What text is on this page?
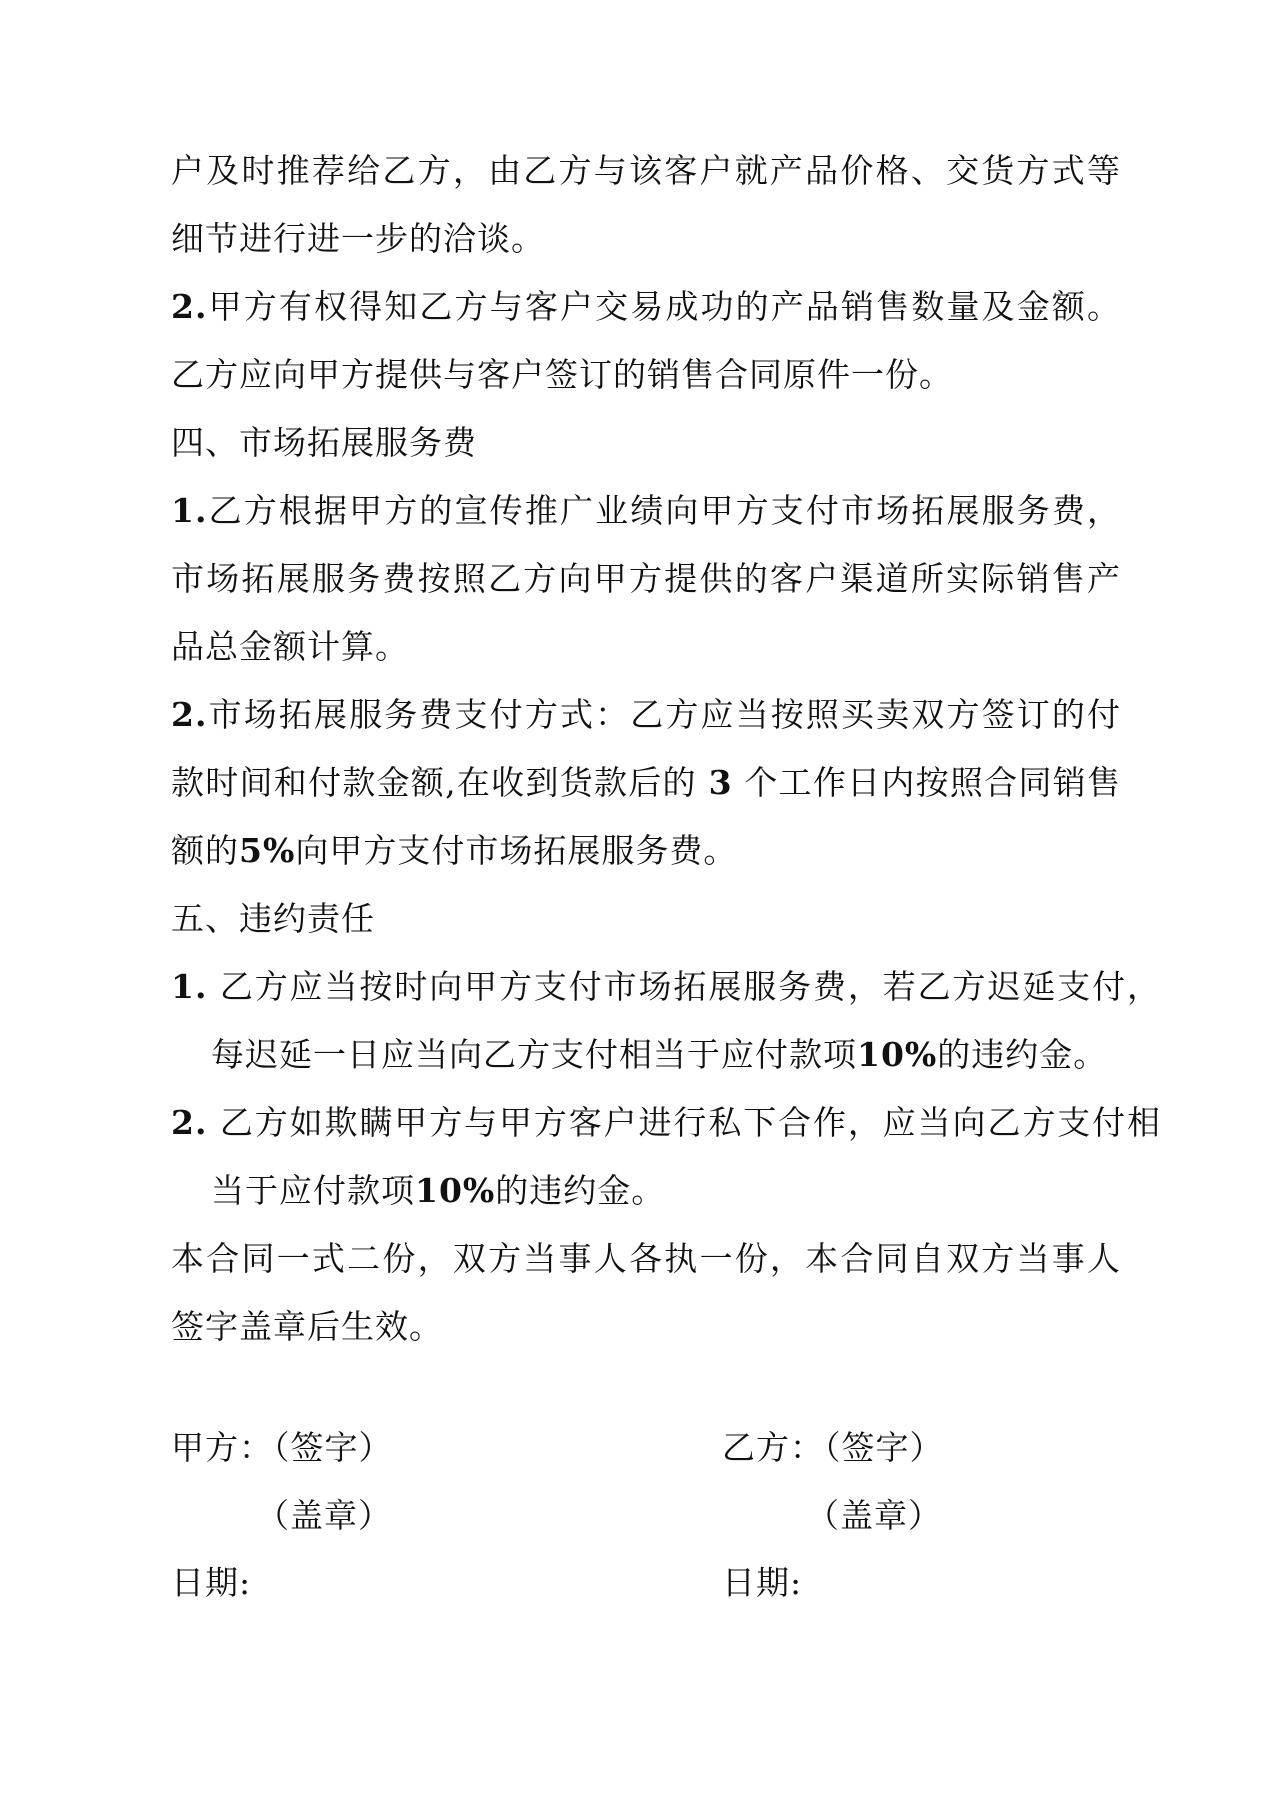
户及时推荐给乙方，由乙方与该客户就产品价格、交货方式等细节进行进一步的洽谈。
2.甲方有权得知乙方与客户交易成功的产品销售数量及金额。乙方应向甲方提供与客户签订的销售合同原件一份。
四、市场拓展服务费
1.乙方根据甲方的宣传推广业绩向甲方支付市场拓展服务费，市场拓展服务费按照乙方向甲方提供的客户渠道所实际销售产品总金额计算。
2.市场拓展服务费支付方式：乙方应当按照买卖双方签订的付款时间和付款金额,在收到货款后的 3 个工作日内按照合同销售额的5%向甲方支付市场拓展服务费。
五、违约责任
1. 乙方应当按时向甲方支付市场拓展服务费，若乙方迟延支付，每迟延一日应当向乙方支付相当于应付款项10%的违约金。
2. 乙方如欺瞒甲方与甲方客户进行私下合作，应当向乙方支付相当于应付款项10%的违约金。
本合同一式二份，双方当事人各执一份，本合同自双方当事人签字盖章后生效。
甲方：（签字）
（盖章）
日期:
乙方：（签字）
（盖章）
日期:
